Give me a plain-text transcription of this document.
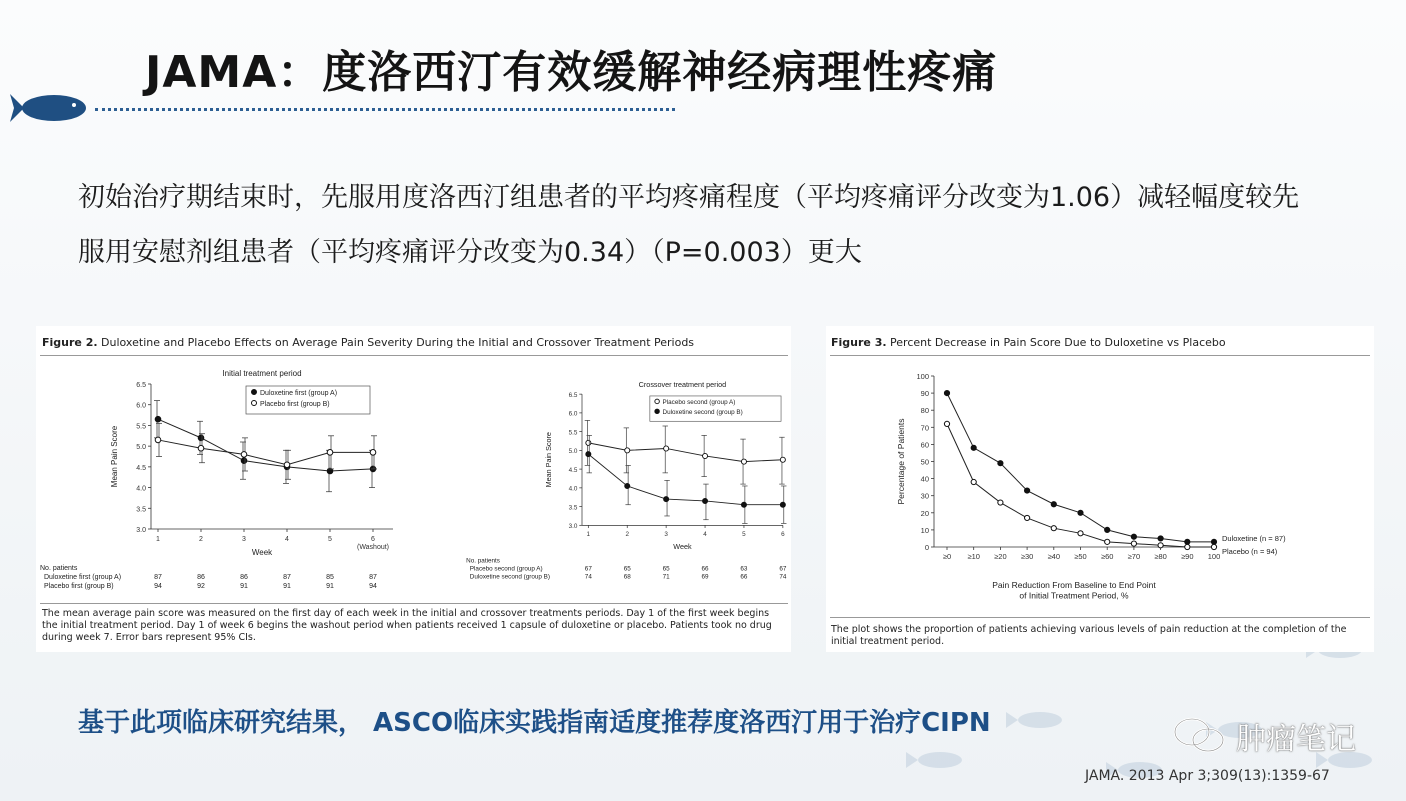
JAMA：度洛西汀有效缓解神经病理性疼痛
初始治疗期结束时，先服用度洛西汀组患者的平均疼痛程度（平均疼痛评分改变为1.06）减轻幅度较先服用安慰剂组患者（平均疼痛评分改变为0.34）（P=0.003）更大
Figure 2. Duloxetine and Placebo Effects on Average Pain Severity During the Initial and Crossover Treatment Periods
Initial treatment period
3.0
3.5
4.0
4.5
5.0
5.5
6.0
6.5
1	2	3	4	5	6 (Washout)
Week
Mean Pain Score
Duloxetine first (group A)
Placebo first (group B)
No. patients
Duloxetine first (group A)	87	86	86	87	85	87
Placebo first (group B)	94	92	91	91	91	94
Crossover treatment period
3.0
3.5
4.0
4.5
5.0
5.5
6.0
6.5
1	2	3	4	5	6
Week
Mean Pain Score
Placebo second (group A)
Duloxetine second (group B)
No. patients
Placebo second (group A)	67	65	65	66	63	67
Duloxetine second (group B)	74	68	71	69	66	74
The mean average pain score was measured on the first day of each week in the initial and crossover treatments periods. Day 1 of the first week begins the initial treatment period. Day 1 of week 6 begins the washout period when patients received 1 capsule of duloxetine or placebo. Patients took no drug during week 7. Error bars represent 95% CIs.
Figure 3. Percent Decrease in Pain Score Due to Duloxetine vs Placebo
0
10
20
30
40
50
60
70
80
90
100
≥0 ≥10 ≥20 ≥30 ≥40 ≥50 ≥60 ≥70 ≥80 ≥90 100
Pain Reduction From Baseline to End Point
of Initial Treatment Period, %
Percentage of Patients
Duloxetine (n = 87)
Placebo (n = 94)
The plot shows the proportion of patients achieving various levels of pain reduction at the completion of the initial treatment period.
基于此项临床研究结果， ASCO临床实践指南适度推荐度洛西汀用于治疗CIPN	肿瘤笔记
JAMA. 2013 Apr 3;309(13):1359-67
